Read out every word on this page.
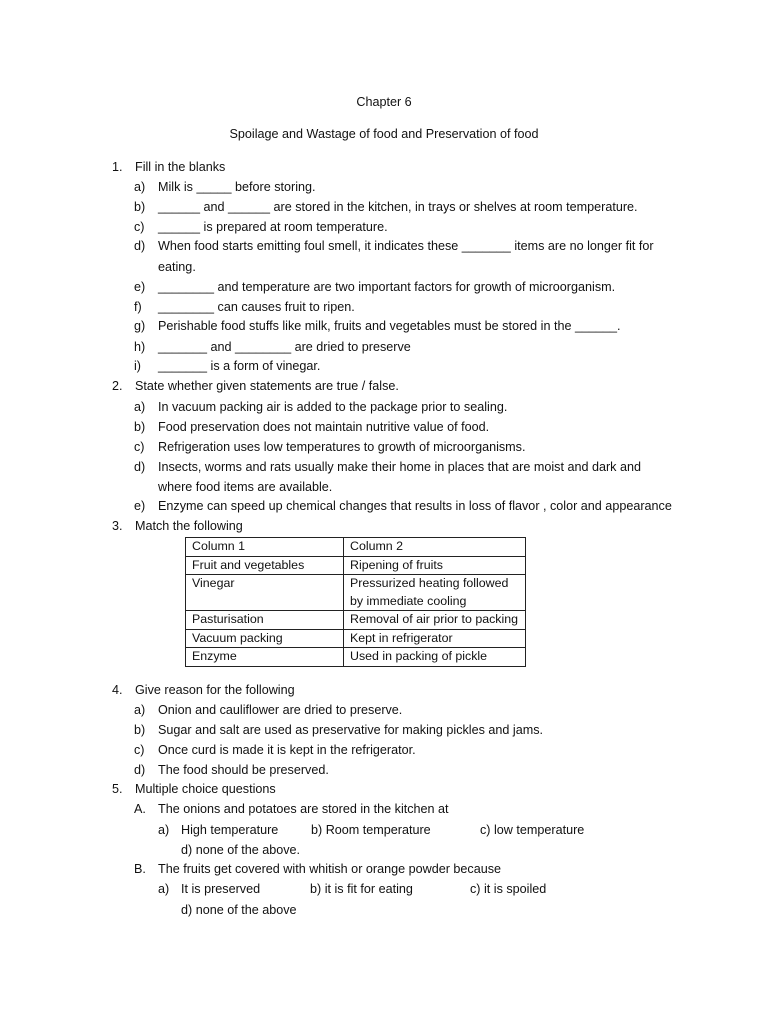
Chapter 6
Spoilage and Wastage of food and Preservation of food
1. Fill in the blanks
a)	Milk is _____ before storing.
b)	______ and ______ are stored in the kitchen, in trays or shelves at room temperature.
c)	______ is prepared at room temperature.
d)	When food starts emitting foul smell, it indicates these _______ items are no longer fit for
eating.
e)	________ and temperature are two important factors for growth of microorganism.
f)	________ can causes fruit to ripen.
g)	Perishable food stuffs like milk, fruits and vegetables must be stored in the ______.
h)	_______ and ________ are dried to preserve
i)	_______ is a form of vinegar.
2. State whether given statements are true / false.
a)	In vacuum packing air is added to the package prior to sealing.
b)	Food preservation does not maintain nutritive value of food.
c)	Refrigeration uses low temperatures to growth of microorganisms.
d)	Insects, worms and rats usually make their home in places that are moist and dark and
where food items are available.
e)	Enzyme can speed up chemical changes that results in loss of flavor , color and appearance
3. Match the following
Column 1	Column 2
Fruit and vegetables	Ripening of fruits
Vinegar	Pressurized heating followed by immediate cooling
Pasturisation	Removal of air prior to packing
Vacuum packing	Kept in refrigerator
Enzyme	Used in packing of pickle
4. Give reason for the following
a)	Onion and cauliflower are dried to preserve.
b)	Sugar and salt are used as preservative for making pickles and jams.
c)	Once curd is made it is kept in the refrigerator.
d)	The food should be preserved.
5. Multiple choice questions
A. The onions and potatoes are stored in the kitchen at
a) High temperature	b) Room temperature	c) low temperature
d) none of the above.
B. The fruits get covered with whitish or orange powder because
a) It is preserved	b) it is fit for eating	c) it is spoiled
d) none of the above
